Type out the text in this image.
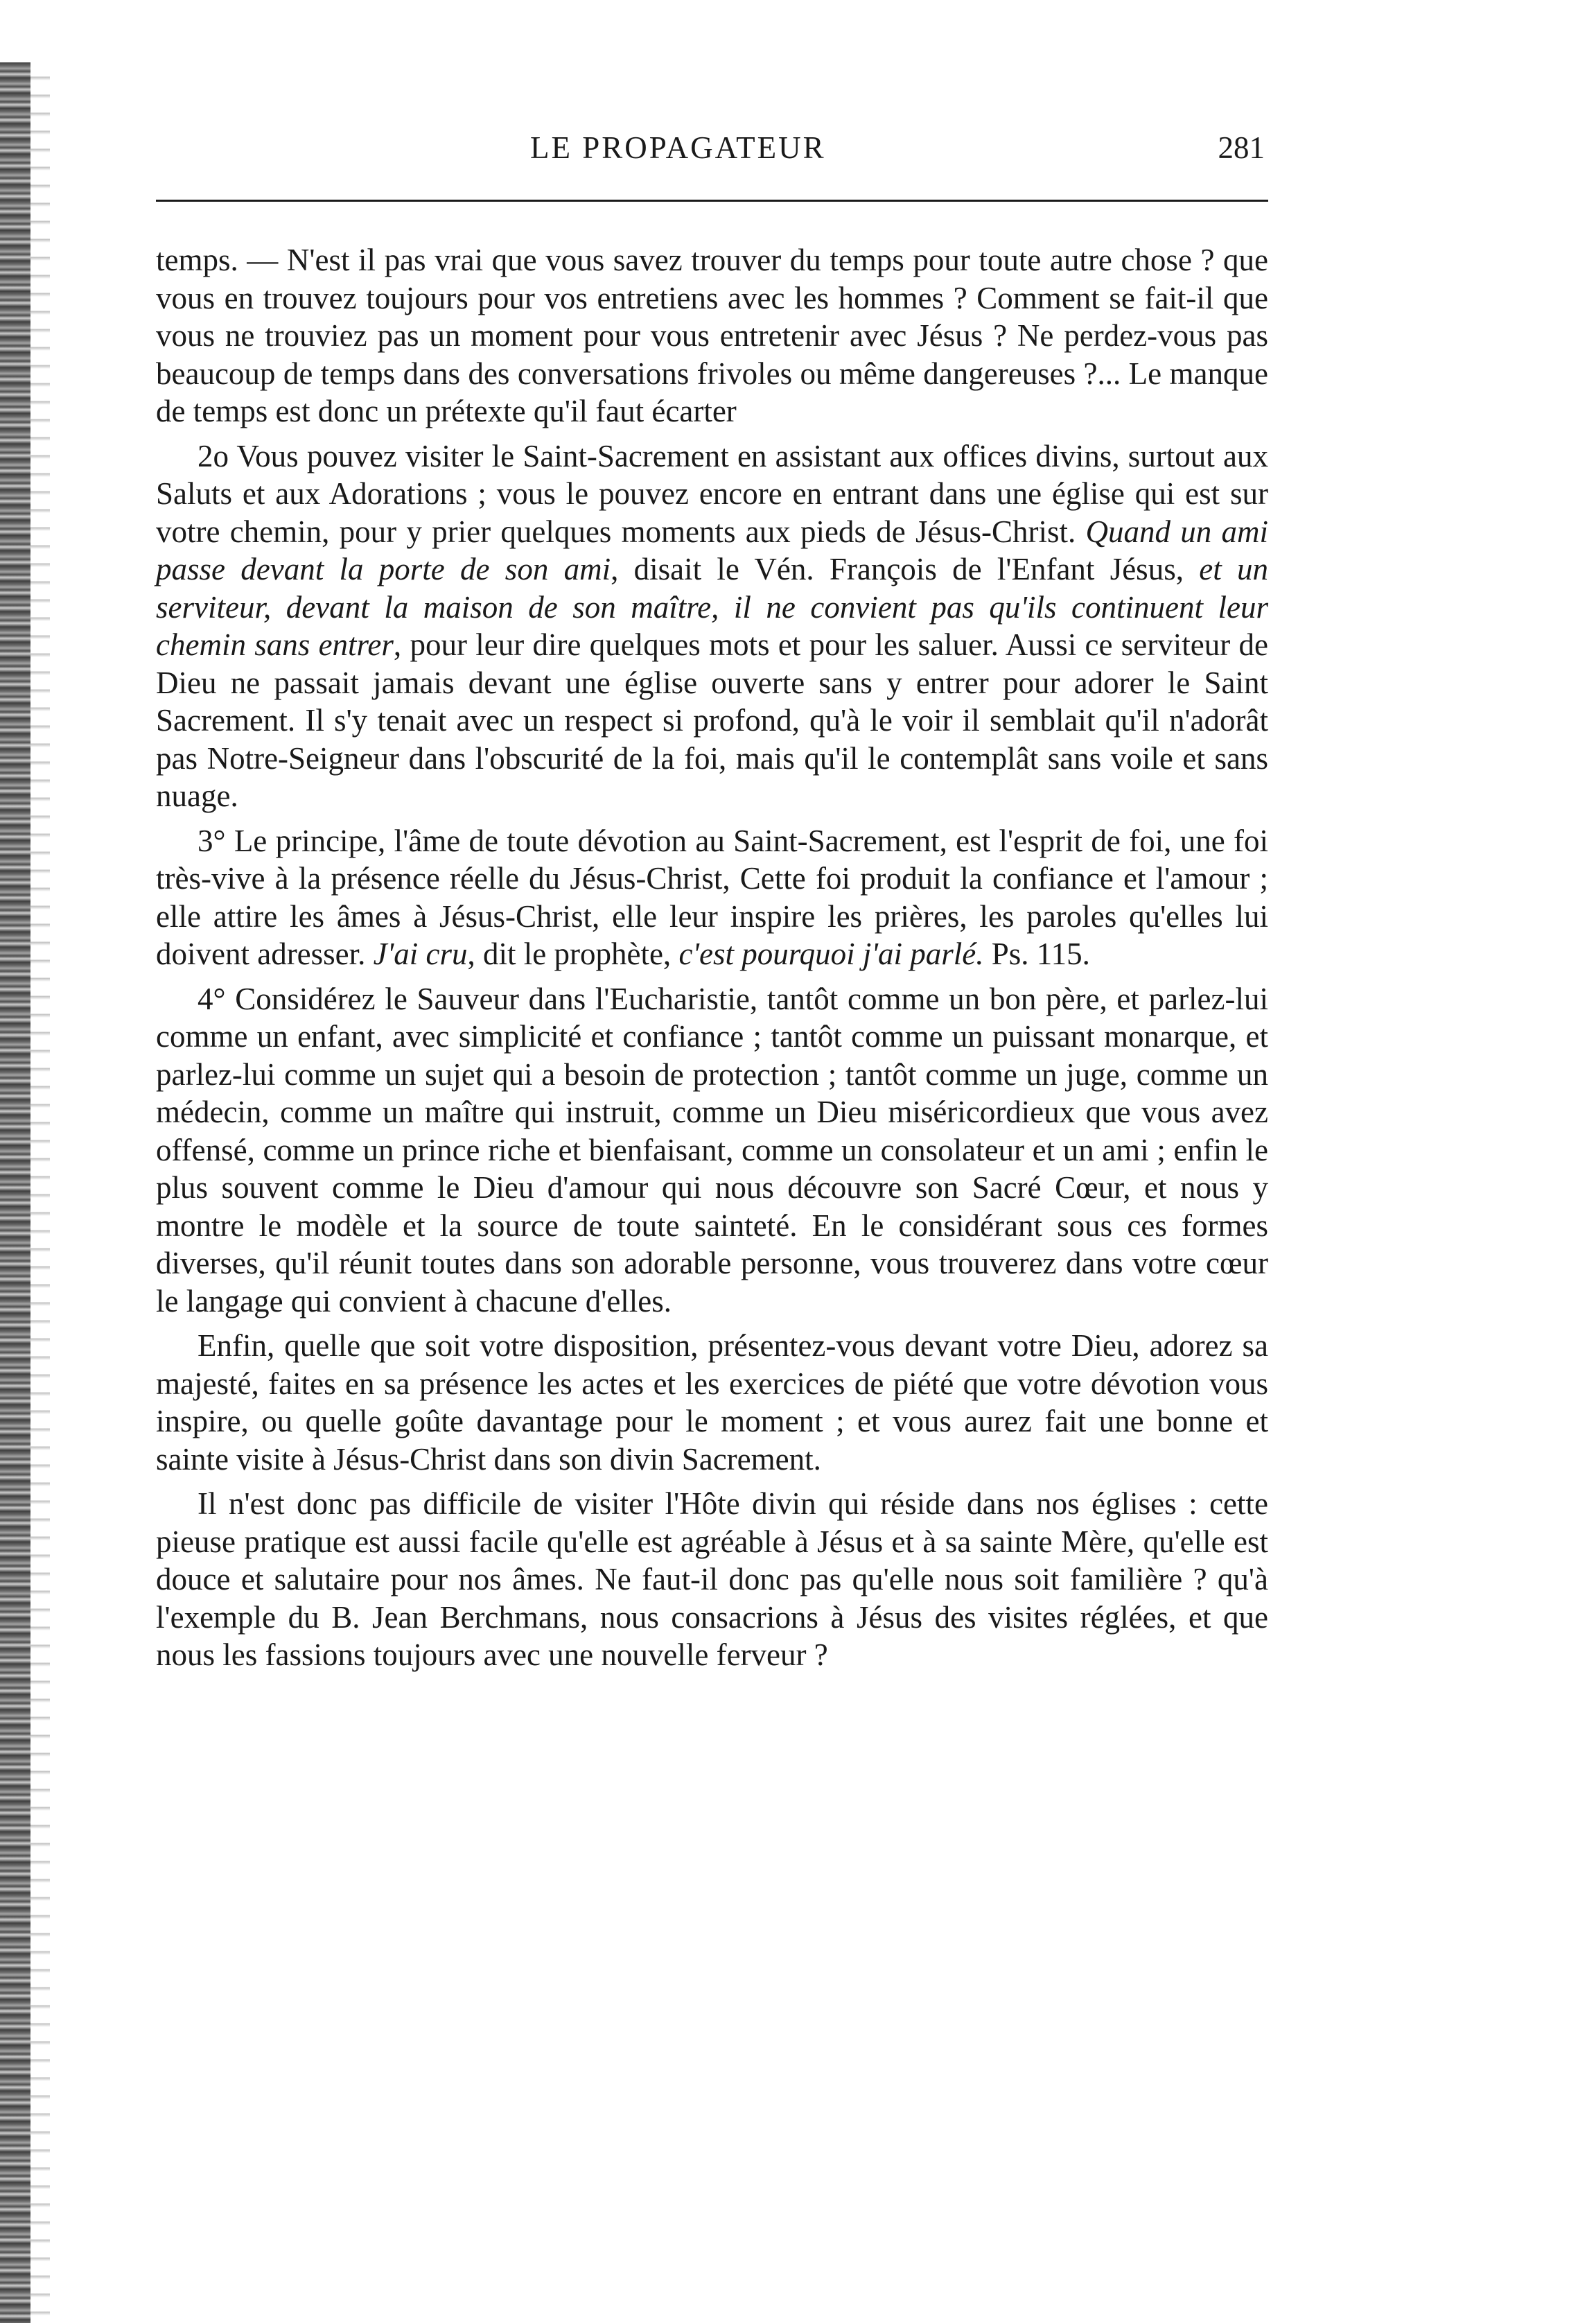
LE PROPAGATEUR	281

temps. — N'est il pas vrai que vous savez trouver du temps pour toute autre chose ? que vous en trouvez toujours pour vos entretiens avec les hommes ? Comment se fait-il que vous ne trouviez pas un moment pour vous entretenir avec Jésus ? Ne perdez-vous pas beaucoup de temps dans des conversations frivoles ou même dangereuses ?... Le manque de temps est donc un prétexte qu'il faut écarter

2o Vous pouvez visiter le Saint-Sacrement en assistant aux offices divins, surtout aux Saluts et aux Adorations ; vous le pouvez encore en entrant dans une église qui est sur votre chemin, pour y prier quelques moments aux pieds de Jésus-Christ. Quand un ami passe devant la porte de son ami, disait le Vén. François de l'Enfant Jésus, et un serviteur, devant la maison de son maître, il ne convient pas qu'ils continuent leur chemin sans entrer, pour leur dire quelques mots et pour les saluer. Aussi ce serviteur de Dieu ne passait jamais devant une église ouverte sans y entrer pour adorer le Saint Sacrement. Il s'y tenait avec un respect si profond, qu'à le voir il semblait qu'il n'adorât pas Notre-Seigneur dans l'obscurité de la foi, mais qu'il le contemplât sans voile et sans nuage.

3° Le principe, l'âme de toute dévotion au Saint-Sacrement, est l'esprit de foi, une foi très-vive à la présence réelle du Jésus-Christ, Cette foi produit la confiance et l'amour ; elle attire les âmes à Jésus-Christ, elle leur inspire les prières, les paroles qu'elles lui doivent adresser. J'ai cru, dit le prophète, c'est pourquoi j'ai parlé. Ps. 115.

4° Considérez le Sauveur dans l'Eucharistie, tantôt comme un bon père, et parlez-lui comme un enfant, avec simplicité et confiance ; tantôt comme un puissant monarque, et parlez-lui comme un sujet qui a besoin de protection ; tantôt comme un juge, comme un médecin, comme un maître qui instruit, comme un Dieu miséricordieux que vous avez offensé, comme un prince riche et bienfaisant, comme un consolateur et un ami ; enfin le plus souvent comme le Dieu d'amour qui nous découvre son Sacré Cœur, et nous y montre le modèle et la source de toute sainteté. En le considérant sous ces formes diverses, qu'il réunit toutes dans son adorable personne, vous trouverez dans votre cœur le langage qui convient à chacune d'elles.

Enfin, quelle que soit votre disposition, présentez-vous devant votre Dieu, adorez sa majesté, faites en sa présence les actes et les exercices de piété que votre dévotion vous inspire, ou quelle goûte davantage pour le moment ; et vous aurez fait une bonne et sainte visite à Jésus-Christ dans son divin Sacrement.

Il n'est donc pas difficile de visiter l'Hôte divin qui réside dans nos églises : cette pieuse pratique est aussi facile qu'elle est agréable à Jésus et à sa sainte Mère, qu'elle est douce et salutaire pour nos âmes. Ne faut-il donc pas qu'elle nous soit familière ? qu'à l'exemple du B. Jean Berchmans, nous consacrions à Jésus des visites réglées, et que nous les fassions toujours avec une nouvelle ferveur ?
